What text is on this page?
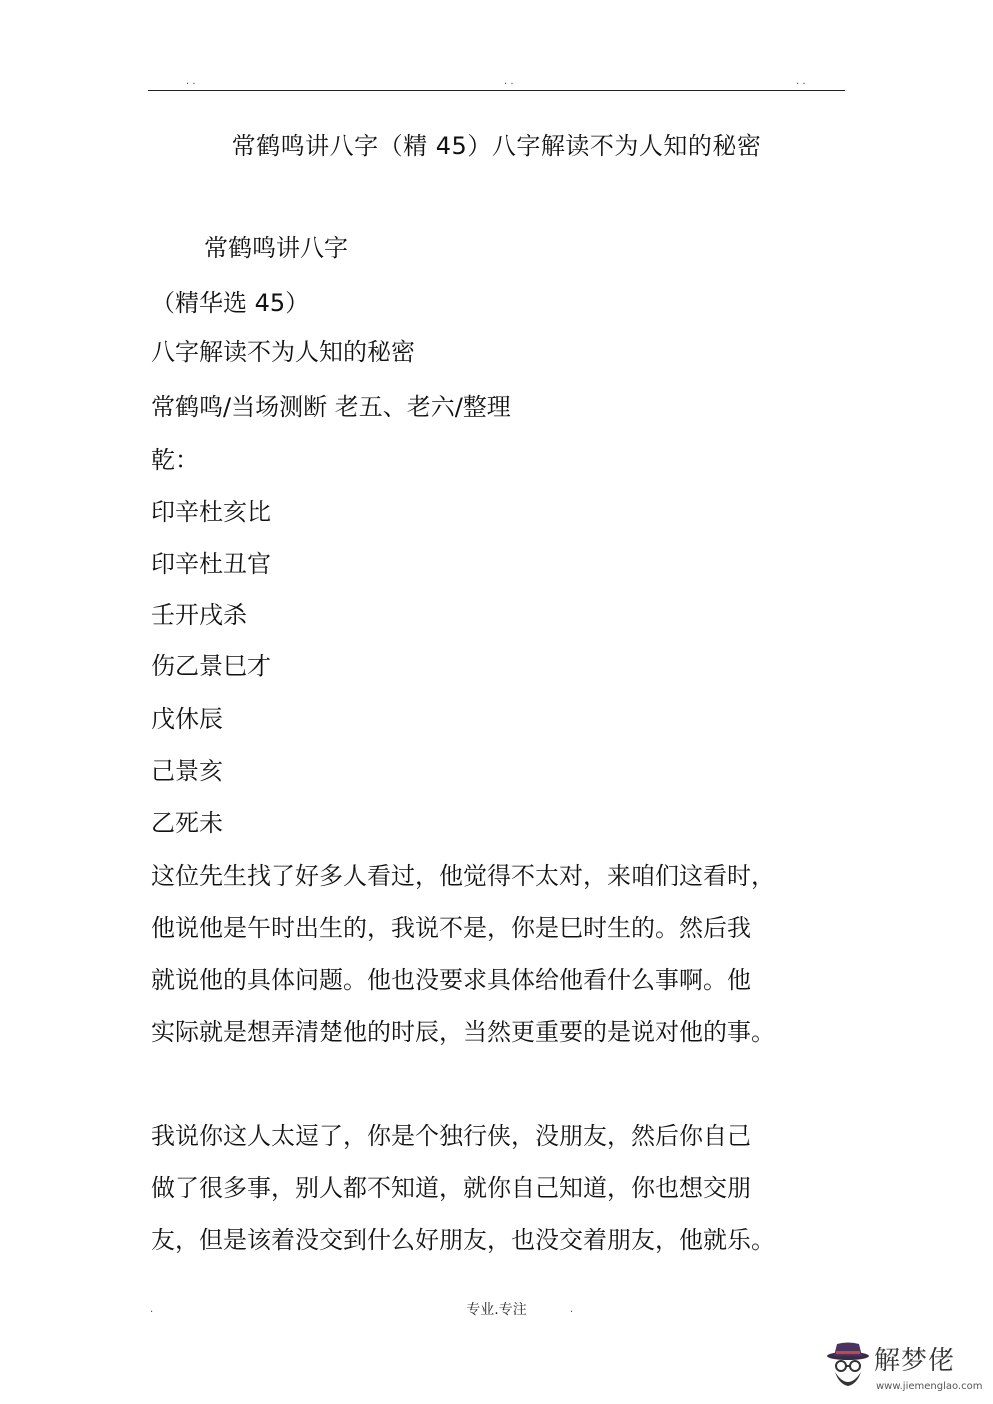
. .	. .	. .
常鹤鸣讲八字（精 45）八字解读不为人知的秘密
常鹤鸣讲八字
（精华选 45）
八字解读不为人知的秘密
常鹤鸣/当场测断 老五、老六/整理
乾：
印辛杜亥比
印辛杜丑官
壬开戌杀
伤乙景巳才
戊休辰
己景亥
乙死未
这位先生找了好多人看过，他觉得不太对，来咱们这看时，
他说他是午时出生的，我说不是，你是巳时生的。然后我
就说他的具体问题。他也没要求具体给他看什么事啊。他
实际就是想弄清楚他的时辰，当然更重要的是说对他的事。
我说你这人太逗了，你是个独行侠，没朋友，然后你自己
做了很多事，别人都不知道，就你自己知道，你也想交朋
友，但是该着没交到什么好朋友，也没交着朋友，他就乐。
.	专业.专注	.
解梦佬
www.jiemenglao.com
